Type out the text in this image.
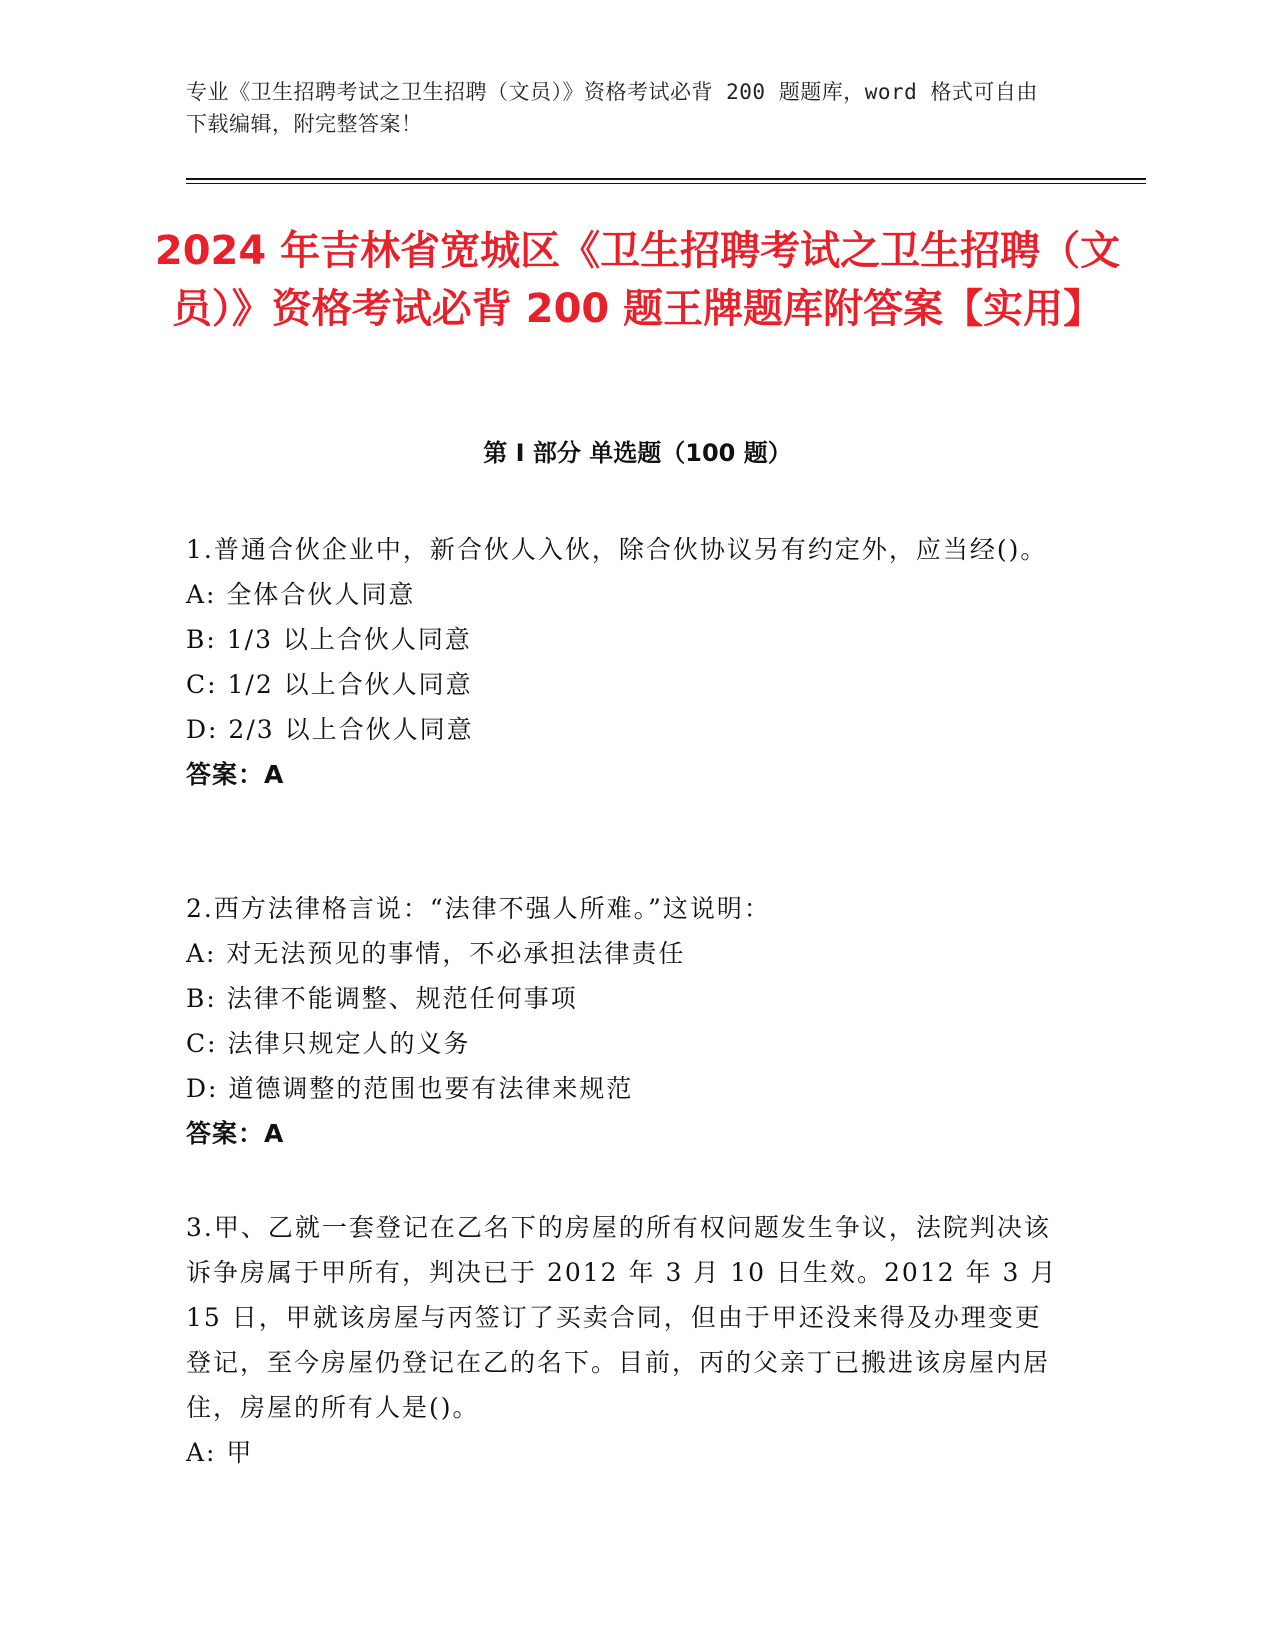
专业《卫生招聘考试之卫生招聘（文员）》资格考试必背 200 题题库，word 格式可自由下载编辑，附完整答案！
2024 年吉林省宽城区《卫生招聘考试之卫生招聘（文员）》资格考试必背 200 题王牌题库附答案【实用】
第 I 部分 单选题（100 题）
1.普通合伙企业中，新合伙人入伙，除合伙协议另有约定外，应当经()。
A: 全体合伙人同意
B: 1/3 以上合伙人同意
C: 1/2 以上合伙人同意
D: 2/3 以上合伙人同意
答案：A
2.西方法律格言说：“法律不强人所难。”这说明：
A: 对无法预见的事情，不必承担法律责任
B: 法律不能调整、规范任何事项
C: 法律只规定人的义务
D: 道德调整的范围也要有法律来规范
答案：A
3.甲、乙就一套登记在乙名下的房屋的所有权问题发生争议，法院判决该诉争房属于甲所有，判决已于 2012 年 3 月 10 日生效。2012 年 3 月 15 日，甲就该房屋与丙签订了买卖合同，但由于甲还没来得及办理变更登记，至今房屋仍登记在乙的名下。目前，丙的父亲丁已搬进该房屋内居住，房屋的所有人是()。
A: 甲
